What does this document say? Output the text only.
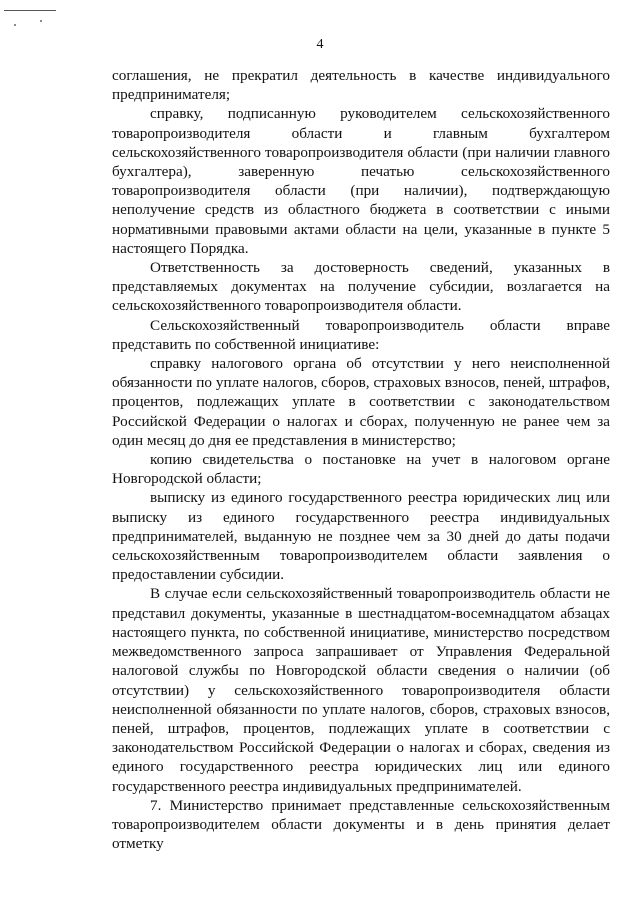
4

соглашения, не прекратил деятельность в качестве индивидуального предпринимателя;

справку, подписанную руководителем сельскохозяйственного товаропроизводителя области и главным бухгалтером сельскохозяйственного товаропроизводителя области (при наличии главного бухгалтера), заверенную печатью сельскохозяйственного товаропроизводителя области (при наличии), подтверждающую неполучение средств из областного бюджета в соответствии с иными нормативными правовыми актами области на цели, указанные в пункте 5 настоящего Порядка.

Ответственность за достоверность сведений, указанных в представляемых документах на получение субсидии, возлагается на сельскохозяйственного товаропроизводителя области.

Сельскохозяйственный товаропроизводитель области вправе представить по собственной инициативе:

справку налогового органа об отсутствии у него неисполненной обязанности по уплате налогов, сборов, страховых взносов, пеней, штрафов, процентов, подлежащих уплате в соответствии с законодательством Российской Федерации о налогах и сборах, полученную не ранее чем за один месяц до дня ее представления в министерство;

копию свидетельства о постановке на учет в налоговом органе Новгородской области;

выписку из единого государственного реестра юридических лиц или выписку из единого государственного реестра индивидуальных предпринимателей, выданную не позднее чем за 30 дней до даты подачи сельскохозяйственным товаропроизводителем области заявления о предоставлении субсидии.

В случае если сельскохозяйственный товаропроизводитель области не представил документы, указанные в шестнадцатом-восемнадцатом абзацах настоящего пункта, по собственной инициативе, министерство посредством межведомственного запроса запрашивает от Управления Федеральной налоговой службы по Новгородской области сведения о наличии (об отсутствии) у сельскохозяйственного товаропроизводителя области неисполненной обязанности по уплате налогов, сборов, страховых взносов, пеней, штрафов, процентов, подлежащих уплате в соответствии с законодательством Российской Федерации о налогах и сборах, сведения из единого государственного реестра юридических лиц или единого государственного реестра индивидуальных предпринимателей.

7. Министерство принимает представленные сельскохозяйственным товаропроизводителем области документы и в день принятия делает отметку
